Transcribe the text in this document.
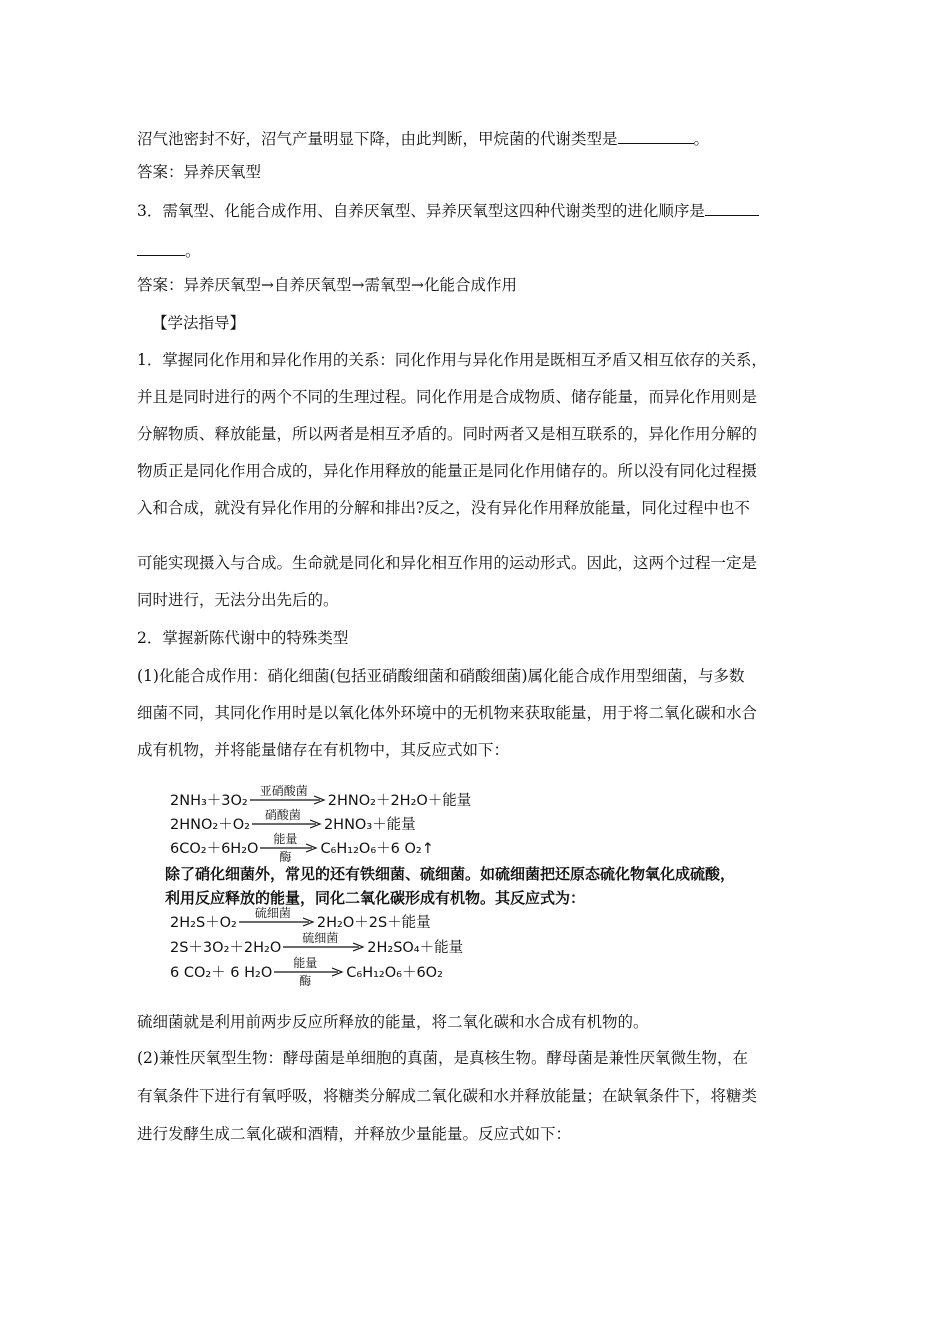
沼气池密封不好，沼气产量明显下降，由此判断，甲烷菌的代谢类型是	。
答案：异养厌氧型
3．需氧型、化能合成作用、自养厌氧型、异养厌氧型这四种代谢类型的进化顺序是
。
答案：异养厌氧型→自养厌氧型→需氧型→化能合成作用
【学法指导】
1．掌握同化作用和异化作用的关系：同化作用与异化作用是既相互矛盾又相互依存的关系，
并且是同时进行的两个不同的生理过程。同化作用是合成物质、储存能量，而异化作用则是
分解物质、释放能量，所以两者是相互矛盾的。同时两者又是相互联系的，异化作用分解的
物质正是同化作用合成的，异化作用释放的能量正是同化作用储存的。所以没有同化过程摄
入和合成，就没有异化作用的分解和排出?反之，没有异化作用释放能量，同化过程中也不
可能实现摄入与合成。生命就是同化和异化相互作用的运动形式。因此，这两个过程一定是
同时进行，无法分出先后的。
2．掌握新陈代谢中的特殊类型
(1)化能合成作用：硝化细菌(包括亚硝酸细菌和硝酸细菌)属化能合成作用型细菌，与多数
细菌不同，其同化作用时是以氧化体外环境中的无机物来获取能量，用于将二氧化碳和水合
成有机物，并将能量储存在有机物中，其反应式如下：
2NH₃＋3O₂
亚硝酸菌
2HNO₂＋2H₂O＋能量
2HNO₂＋O₂
硝酸菌
2HNO₃＋能量
6CO₂＋6H₂O
能量
酶	C₆H₁₂O₆＋6 O₂↑
除了硝化细菌外，常见的还有铁细菌、硫细菌。如硫细菌把还原态硫化物氧化成硫酸，
利用反应释放的能量，同化二氧化碳形成有机物。其反应式为：
2H₂S＋O₂
硫细菌
2H₂O＋2S＋能量
2S＋3O₂＋2H₂O
硫细菌
2H₂SO₄＋能量
6 CO₂＋ 6 H₂O
能量
酶	C₆H₁₂O₆＋6O₂
硫细菌就是利用前两步反应所释放的能量，将二氧化碳和水合成有机物的。
(2)兼性厌氧型生物：酵母菌是单细胞的真菌，是真核生物。酵母菌是兼性厌氧微生物，在
有氧条件下进行有氧呼吸，将糖类分解成二氧化碳和水并释放能量；在缺氧条件下，将糖类
进行发酵生成二氧化碳和酒精，并释放少量能量。反应式如下：
